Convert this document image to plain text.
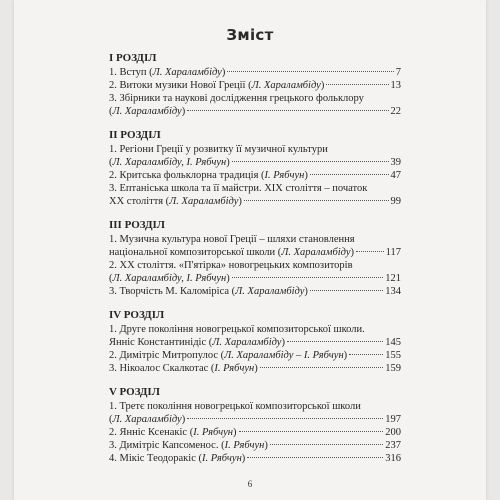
Зміст
І РОЗДІЛ
1. Вступ (Л. Хараламбіду)	7
2. Витоки музики Нової Греції (Л. Хараламбіду)	13
3. Збірники та наукові дослідження грецького фольклору
(Л. Хараламбіду)	22
ІІ РОЗДІЛ
1. Регіони Греції у розвитку її музичної культури
(Л. Хараламбіду, І. Рябчун)	39
2. Критська фольклорна традиція (І. Рябчун)	47
3. Ептаніська школа та її майстри. ХІХ століття – початок
ХХ століття (Л. Хараламбіду)	99
ІІІ РОЗДІЛ
1. Музична культура нової Греції – шляхи становлення
національної композиторської школи (Л. Хараламбіду)	117
2. ХХ століття. «П'ятірка» новогрецьких композиторів
(Л. Хараламбіду, І. Рябчун)	121
3. Творчість М. Каломіріса (Л. Хараламбіду)	134
IV РОЗДІЛ
1. Друге покоління новогрецької композиторської школи.
Янніс Константинідіс (Л. Хараламбіду)	145
2. Димітріс Митропулос (Л. Хараламбіду – І. Рябчун)	155
3. Нікоалос Скалкотас (І. Рябчун)	159
V РОЗДІЛ
1. Третє покоління новогрецької композиторської школи
(Л. Хараламбіду)	197
2. Янніс Ксенакіс (І. Рябчун)	200
3. Димітріс Капсоменос. (І. Рябчун)	237
4. Мікіс Теодоракіс (І. Рябчун)	316
6
